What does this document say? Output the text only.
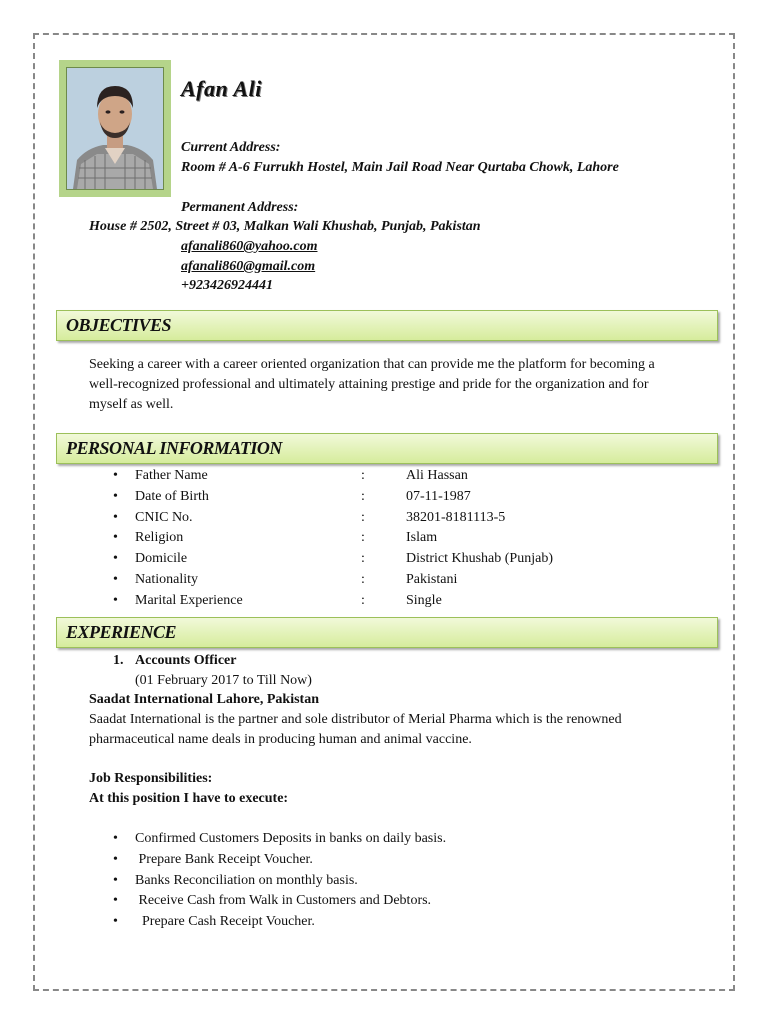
Afan Ali
Current Address:
Room # A-6 Furrukh Hostel, Main Jail Road Near Qurtaba Chowk, Lahore
Permanent Address:
House # 2502, Street # 03, Malkan Wali Khushab, Punjab, Pakistan
afanali860@yahoo.com
afanali860@gmail.com
+923426924441
OBJECTIVES
Seeking a career with a career oriented organization that can provide me the platform for becoming a
well-recognized professional and ultimately attaining prestige and pride for the organization and for
myself as well.
PERSONAL INFORMATION
• Father Name	:	Ali Hassan
• Date of Birth	:	07-11-1987
• CNIC No.	:	38201-8181113-5
• Religion	:	Islam
• Domicile	:	District Khushab (Punjab)
• Nationality	:	Pakistani
• Marital Experience	:	Single
EXPERIENCE
1. Accounts Officer
(01 February 2017 to Till Now)
Saadat International Lahore, Pakistan
Saadat International is the partner and sole distributor of Merial Pharma which is the renowned
pharmaceutical name deals in producing human and animal vaccine.
Job Responsibilities:
At this position I have to execute:
• Confirmed Customers Deposits in banks on daily basis.
• Prepare Bank Receipt Voucher.
• Banks Reconciliation on monthly basis.
• Receive Cash from Walk in Customers and Debtors.
• Prepare Cash Receipt Voucher.
